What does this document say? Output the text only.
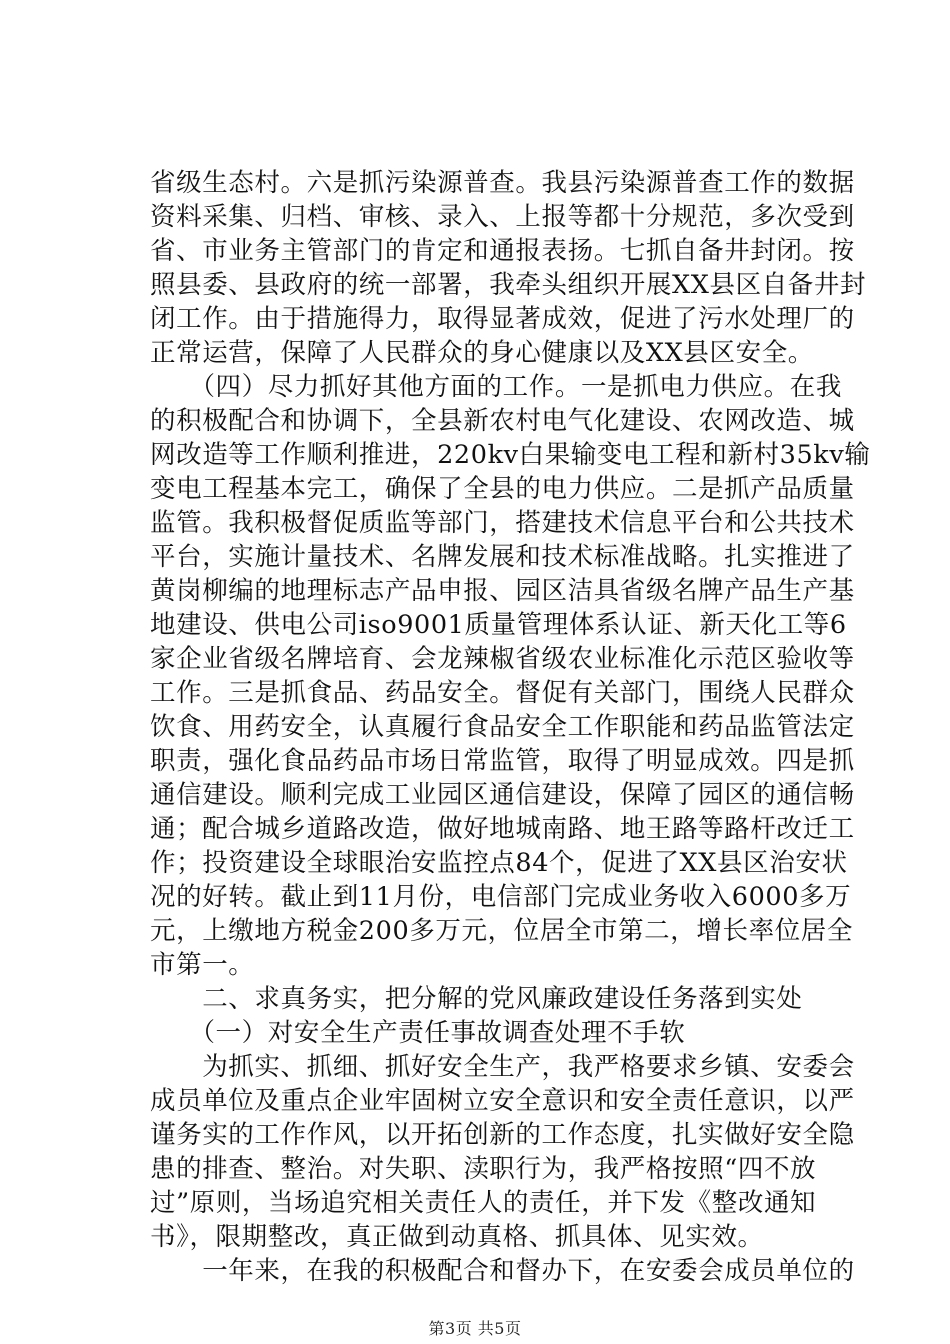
省级生态村。六是抓污染源普查。我县污染源普查工作的数据
资料采集、归档、审核、录入、上报等都十分规范，多次受到
省、市业务主管部门的肯定和通报表扬。七抓自备井封闭。按
照县委、县政府的统一部署，我牵头组织开展XX县区自备井封
闭工作。由于措施得力，取得显著成效，促进了污水处理厂的
正常运营，保障了人民群众的身心健康以及XX县区安全。
　　（四）尽力抓好其他方面的工作。一是抓电力供应。在我
的积极配合和协调下，全县新农村电气化建设、农网改造、城
网改造等工作顺利推进，220kv白果输变电工程和新村35kv输
变电工程基本完工，确保了全县的电力供应。二是抓产品质量
监管。我积极督促质监等部门，搭建技术信息平台和公共技术
平台，实施计量技术、名牌发展和技术标准战略。扎实推进了
黄岗柳编的地理标志产品申报、园区洁具省级名牌产品生产基
地建设、供电公司iso9001质量管理体系认证、新天化工等6
家企业省级名牌培育、会龙辣椒省级农业标准化示范区验收等
工作。三是抓食品、药品安全。督促有关部门，围绕人民群众
饮食、用药安全，认真履行食品安全工作职能和药品监管法定
职责，强化食品药品市场日常监管，取得了明显成效。四是抓
通信建设。顺利完成工业园区通信建设，保障了园区的通信畅
通；配合城乡道路改造，做好地城南路、地王路等路杆改迁工
作；投资建设全球眼治安监控点84个，促进了XX县区治安状
况的好转。截止到11月份，电信部门完成业务收入6000多万
元，上缴地方税金200多万元，位居全市第二，增长率位居全
市第一。
　　二、求真务实，把分解的党风廉政建设任务落到实处
　　（一）对安全生产责任事故调查处理不手软
　　为抓实、抓细、抓好安全生产，我严格要求乡镇、安委会
成员单位及重点企业牢固树立安全意识和安全责任意识，以严
谨务实的工作作风，以开拓创新的工作态度，扎实做好安全隐
患的排查、整治。对失职、渎职行为，我严格按照“四不放
过”原则，当场追究相关责任人的责任，并下发《整改通知
书》，限期整改，真正做到动真格、抓具体、见实效。
　　一年来，在我的积极配合和督办下，在安委会成员单位的
第3页 共5页
